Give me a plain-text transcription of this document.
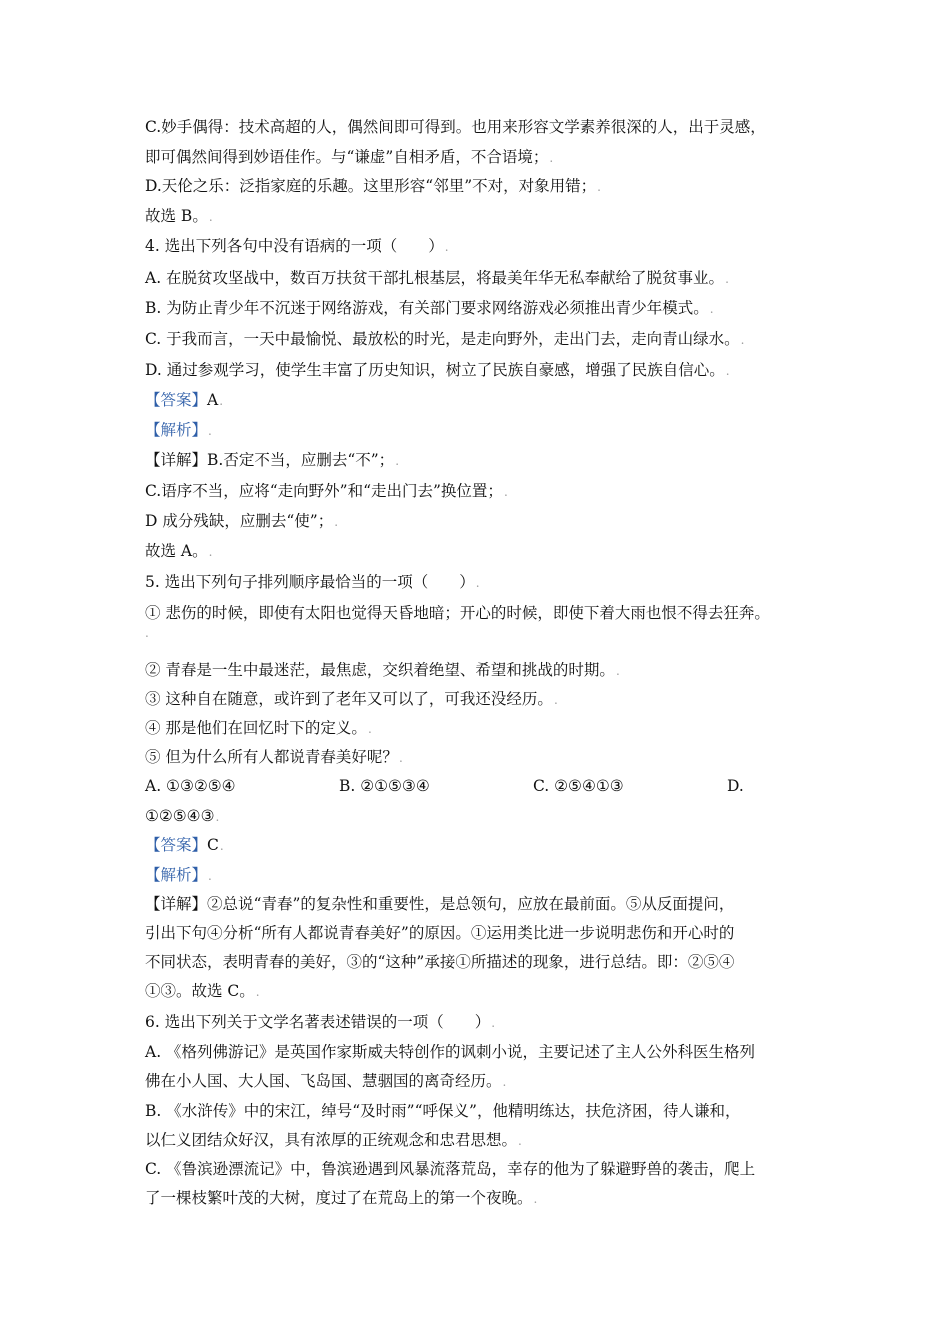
C.妙手偶得：技术高超的人，偶然间即可得到。也用来形容文学素养很深的人，出于灵感，
即可偶然间得到妙语佳作。与“谦虚”自相矛盾，不合语境；.
D.天伦之乐：泛指家庭的乐趣。这里形容“邻里”不对，对象用错；.
故选 B。.
4. 选出下列各句中没有语病的一项（　　）.
A. 在脱贫攻坚战中，数百万扶贫干部扎根基层，将最美年华无私奉献给了脱贫事业。.
B. 为防止青少年不沉迷于网络游戏，有关部门要求网络游戏必须推出青少年模式。.
C. 于我而言，一天中最愉悦、最放松的时光，是走向野外，走出门去，走向青山绿水。.
D. 通过参观学习，使学生丰富了历史知识，树立了民族自豪感，增强了民族自信心。.
【答案】A.
【解析】.
【详解】B.否定不当，应删去“不”；.
C.语序不当，应将“走向野外”和“走出门去”换位置；.
D 成分残缺，应删去“使”；.
故选 A。.
5. 选出下列句子排列顺序最恰当的一项（　　）.
① 悲伤的时候，即使有太阳也觉得天昏地暗；开心的时候，即使下着大雨也恨不得去狂奔。
.
② 青春是一生中最迷茫，最焦虑，交织着绝望、希望和挑战的时期。.
③ 这种自在随意，或许到了老年又可以了，可我还没经历。.
④ 那是他们在回忆时下的定义。.
⑤ 但为什么所有人都说青春美好呢？.
A. ①③②⑤④	B. ②①⑤③④	C. ②⑤④①③	D.

①②⑤④③.
【答案】C.
【解析】.
【详解】②总说“青春”的复杂性和重要性，是总领句，应放在最前面。⑤从反面提问，
引出下句④分析“所有人都说青春美好”的原因。①运用类比进一步说明悲伤和开心时的
不同状态，表明青春的美好，③的“这种”承接①所描述的现象，进行总结。即：②⑤④
①③。故选 C。.
6. 选出下列关于文学名著表述错误的一项（　　）.
A. 《格列佛游记》是英国作家斯威夫特创作的讽刺小说，主要记述了主人公外科医生格列
佛在小人国、大人国、飞岛国、慧骃国的离奇经历。.
B. 《水浒传》中的宋江，绰号“及时雨”“呼保义”，他精明练达，扶危济困，待人谦和，
以仁义团结众好汉，具有浓厚的正统观念和忠君思想。.
C. 《鲁滨逊漂流记》中，鲁滨逊遇到风暴流落荒岛，幸存的他为了躲避野兽的袭击，爬上
了一棵枝繁叶茂的大树，度过了在荒岛上的第一个夜晚。.
